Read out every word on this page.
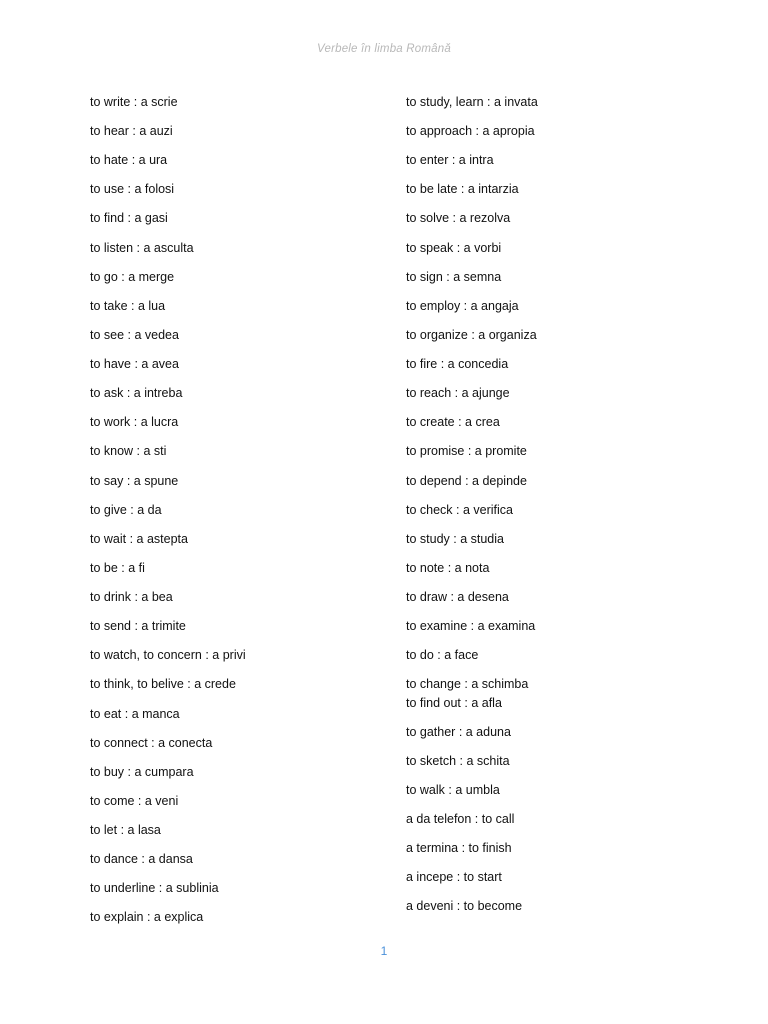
Verbele în limba Română
to write : a scrie
to hear : a auzi
to hate : a ura
to use : a folosi
to find : a gasi
to listen : a asculta
to go : a merge
to take : a lua
to see : a vedea
to have : a avea
to ask : a intreba
to work : a lucra
to know : a sti
to say : a spune
to give : a da
to wait : a astepta
to be : a fi
to drink : a bea
to send : a trimite
to watch, to concern : a privi
to think, to belive : a crede
to eat : a manca
to connect : a conecta
to buy : a cumpara
to come : a veni
to let : a lasa
to dance : a dansa
to underline : a sublinia
to explain : a explica
to study, learn : a invata
to approach : a apropia
to enter : a intra
to be late : a intarzia
to solve : a rezolva
to speak : a vorbi
to sign : a semna
to employ : a angaja
to organize : a organiza
to fire : a concedia
to reach : a ajunge
to create : a crea
to promise : a promite
to depend : a depinde
to check : a verifica
to study : a studia
to note : a nota
to draw : a desena
to examine : a examina
to do : a face
to change : a schimba
to find out : a afla
to gather : a aduna
to sketch : a schita
to walk : a umbla
a da telefon : to call
a termina : to finish
a incepe : to start
a deveni : to become
1
